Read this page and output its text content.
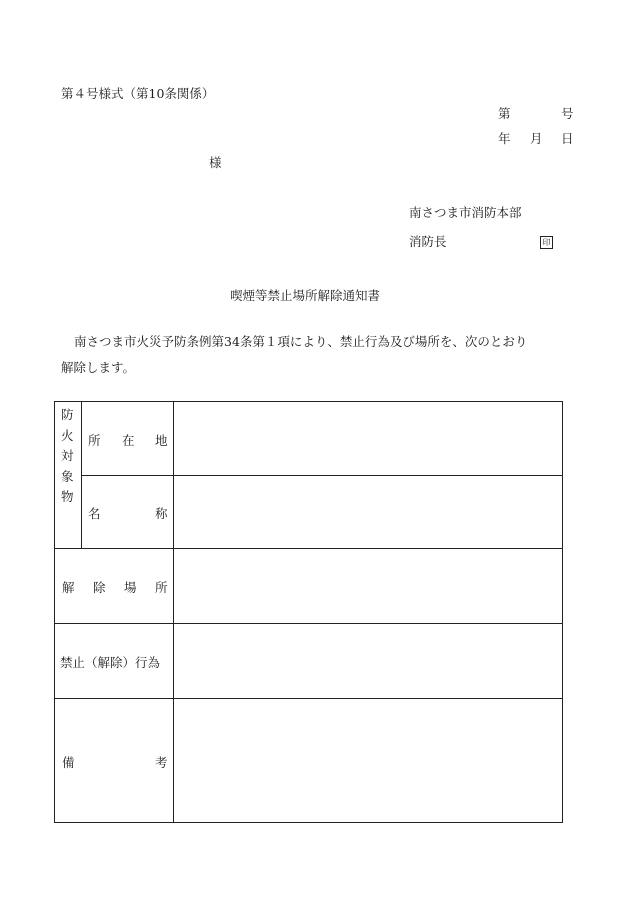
第４号様式（第10条関係）
第	号
年 月 日
様
南さつま市消防本部
消防長	印
喫煙等禁止場所解除通知書
南さつま市火災予防条例第34条第１項により、禁止行為及び場所を、次のとおり
解除します。
防
火
対
象
物
所 在 地
名	称
解 除 場 所
禁止（解除）行為
備	考
